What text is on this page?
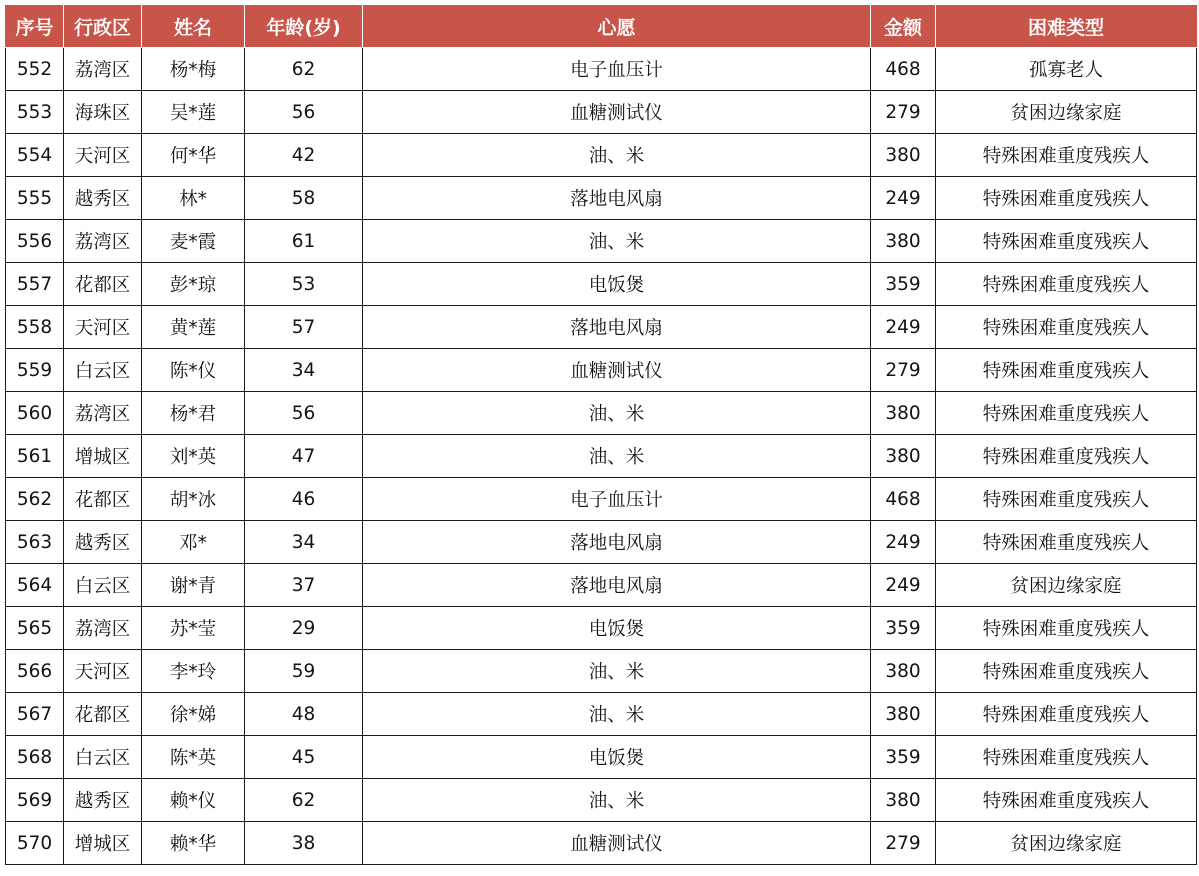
序号	行政区	姓名	年龄(岁)	心愿	金额	困难类型
552	荔湾区	杨*梅	62	电子血压计	468	孤寡老人
553	海珠区	吴*莲	56	血糖测试仪	279	贫困边缘家庭
554	天河区	何*华	42	油、米	380	特殊困难重度残疾人
555	越秀区	林*	58	落地电风扇	249	特殊困难重度残疾人
556	荔湾区	麦*霞	61	油、米	380	特殊困难重度残疾人
557	花都区	彭*琼	53	电饭煲	359	特殊困难重度残疾人
558	天河区	黄*莲	57	落地电风扇	249	特殊困难重度残疾人
559	白云区	陈*仪	34	血糖测试仪	279	特殊困难重度残疾人
560	荔湾区	杨*君	56	油、米	380	特殊困难重度残疾人
561	增城区	刘*英	47	油、米	380	特殊困难重度残疾人
562	花都区	胡*冰	46	电子血压计	468	特殊困难重度残疾人
563	越秀区	邓*	34	落地电风扇	249	特殊困难重度残疾人
564	白云区	谢*青	37	落地电风扇	249	贫困边缘家庭
565	荔湾区	苏*莹	29	电饭煲	359	特殊困难重度残疾人
566	天河区	李*玲	59	油、米	380	特殊困难重度残疾人
567	花都区	徐*娣	48	油、米	380	特殊困难重度残疾人
568	白云区	陈*英	45	电饭煲	359	特殊困难重度残疾人
569	越秀区	赖*仪	62	油、米	380	特殊困难重度残疾人
570	增城区	赖*华	38	血糖测试仪	279	贫困边缘家庭
